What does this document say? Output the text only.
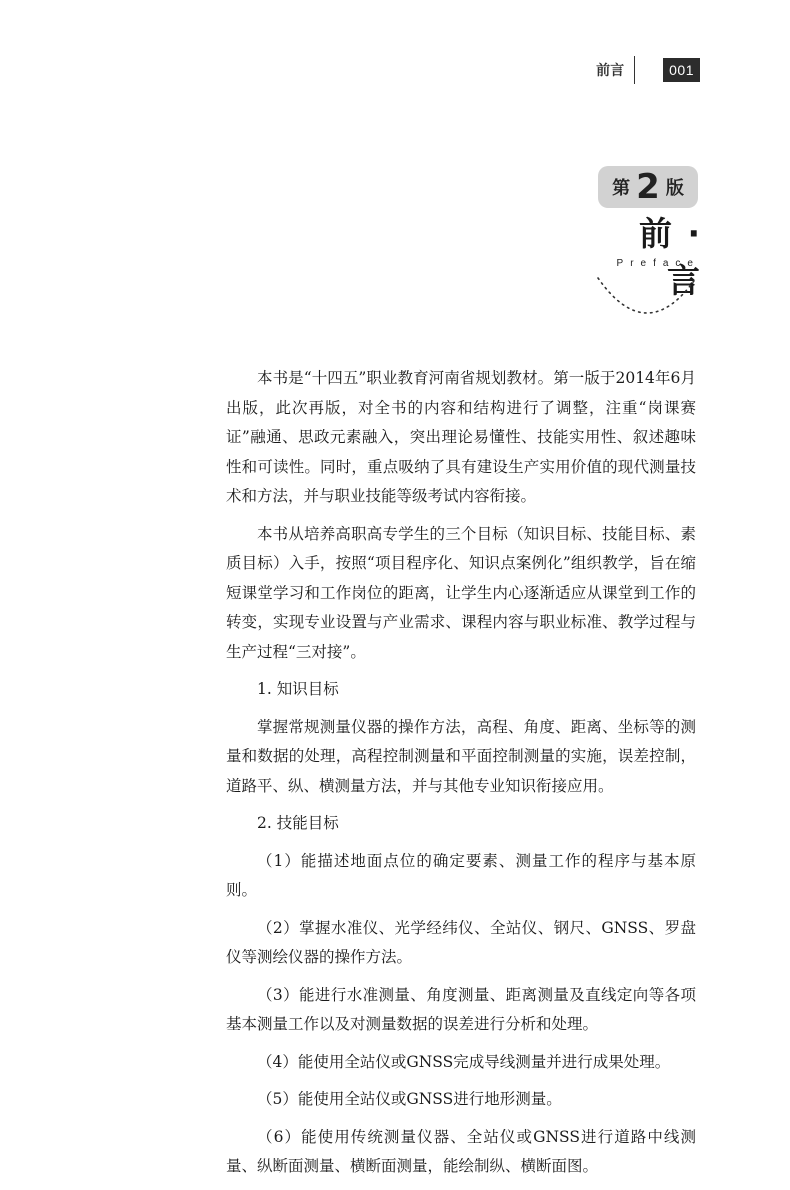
前言	001
第 2 版
前 · 言
Preface

本书是“十四五”职业教育河南省规划教材。第一版于2014年6月出版，此次再版，对全书的内容和结构进行了调整，注重“岗课赛证”融通、思政元素融入，突出理论易懂性、技能实用性、叙述趣味性和可读性。同时，重点吸纳了具有建设生产实用价值的现代测量技术和方法，并与职业技能等级考试内容衔接。

本书从培养高职高专学生的三个目标（知识目标、技能目标、素质目标）入手，按照“项目程序化、知识点案例化”组织教学，旨在缩短课堂学习和工作岗位的距离，让学生内心逐渐适应从课堂到工作的转变，实现专业设置与产业需求、课程内容与职业标准、教学过程与生产过程“三对接”。

1. 知识目标

掌握常规测量仪器的操作方法，高程、角度、距离、坐标等的测量和数据的处理，高程控制测量和平面控制测量的实施，误差控制，道路平、纵、横测量方法，并与其他专业知识衔接应用。

2. 技能目标

（1）能描述地面点位的确定要素、测量工作的程序与基本原则。

（2）掌握水准仪、光学经纬仪、全站仪、钢尺、GNSS、罗盘仪等测绘仪器的操作方法。

（3）能进行水准测量、角度测量、距离测量及直线定向等各项基本测量工作以及对测量数据的误差进行分析和处理。

（4）能使用全站仪或GNSS完成导线测量并进行成果处理。

（5）能使用全站仪或GNSS进行地形测量。

（6）能使用传统测量仪器、全站仪或GNSS进行道路中线测量、纵断面测量、横断面测量，能绘制纵、横断面图。
